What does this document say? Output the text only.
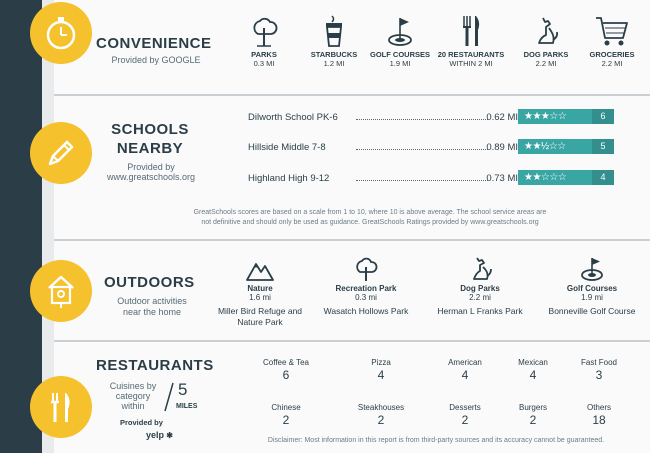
CONVENIENCE
Provided by GOOGLE
PARKS
0.3 MI
STARBUCKS
1.2 MI
GOLF COURSES
1.9 MI
20 RESTAURANTS
WITHIN 2 MI
DOG PARKS
2.2 MI
GROCERIES
2.2 MI
SCHOOLS
NEARBY
Provided by
www.greatschools.org
Dilworth School PK-6	0.62 MI ★★★☆☆	6
Hillside Middle 7-8	0.89 MI ★★½☆☆	5
Highland High 9-12	0.73 MI ★★☆☆☆	4
GreatSchools scores are based on a scale from 1 to 10, where 10 is above average. The school service areas are
not definitive and should only be used as guidance. GreatSchools Ratings provided by www.greatschools.org
OUTDOORS
Outdoor activities
near the home
Nature
1.6 mi
Miller Bird Refuge and
Nature Park
Recreation Park
0.3 mi
Wasatch Hollows Park
Dog Parks
2.2 mi
Herman L Franks Park
Golf Courses
1.9 mi
Bonneville Golf Course
RESTAURANTS
Cuisines by
category
within
5
MILES
Provided by
yelp ✱
Coffee & Tea
6
Pizza
4
American
4
Mexican
4
Fast Food
3
Chinese
2
Steakhouses
2
Desserts
2
Burgers
2
Others
18
Disclaimer: Most information in this report is from third-party sources and its accuracy cannot be guaranteed.
